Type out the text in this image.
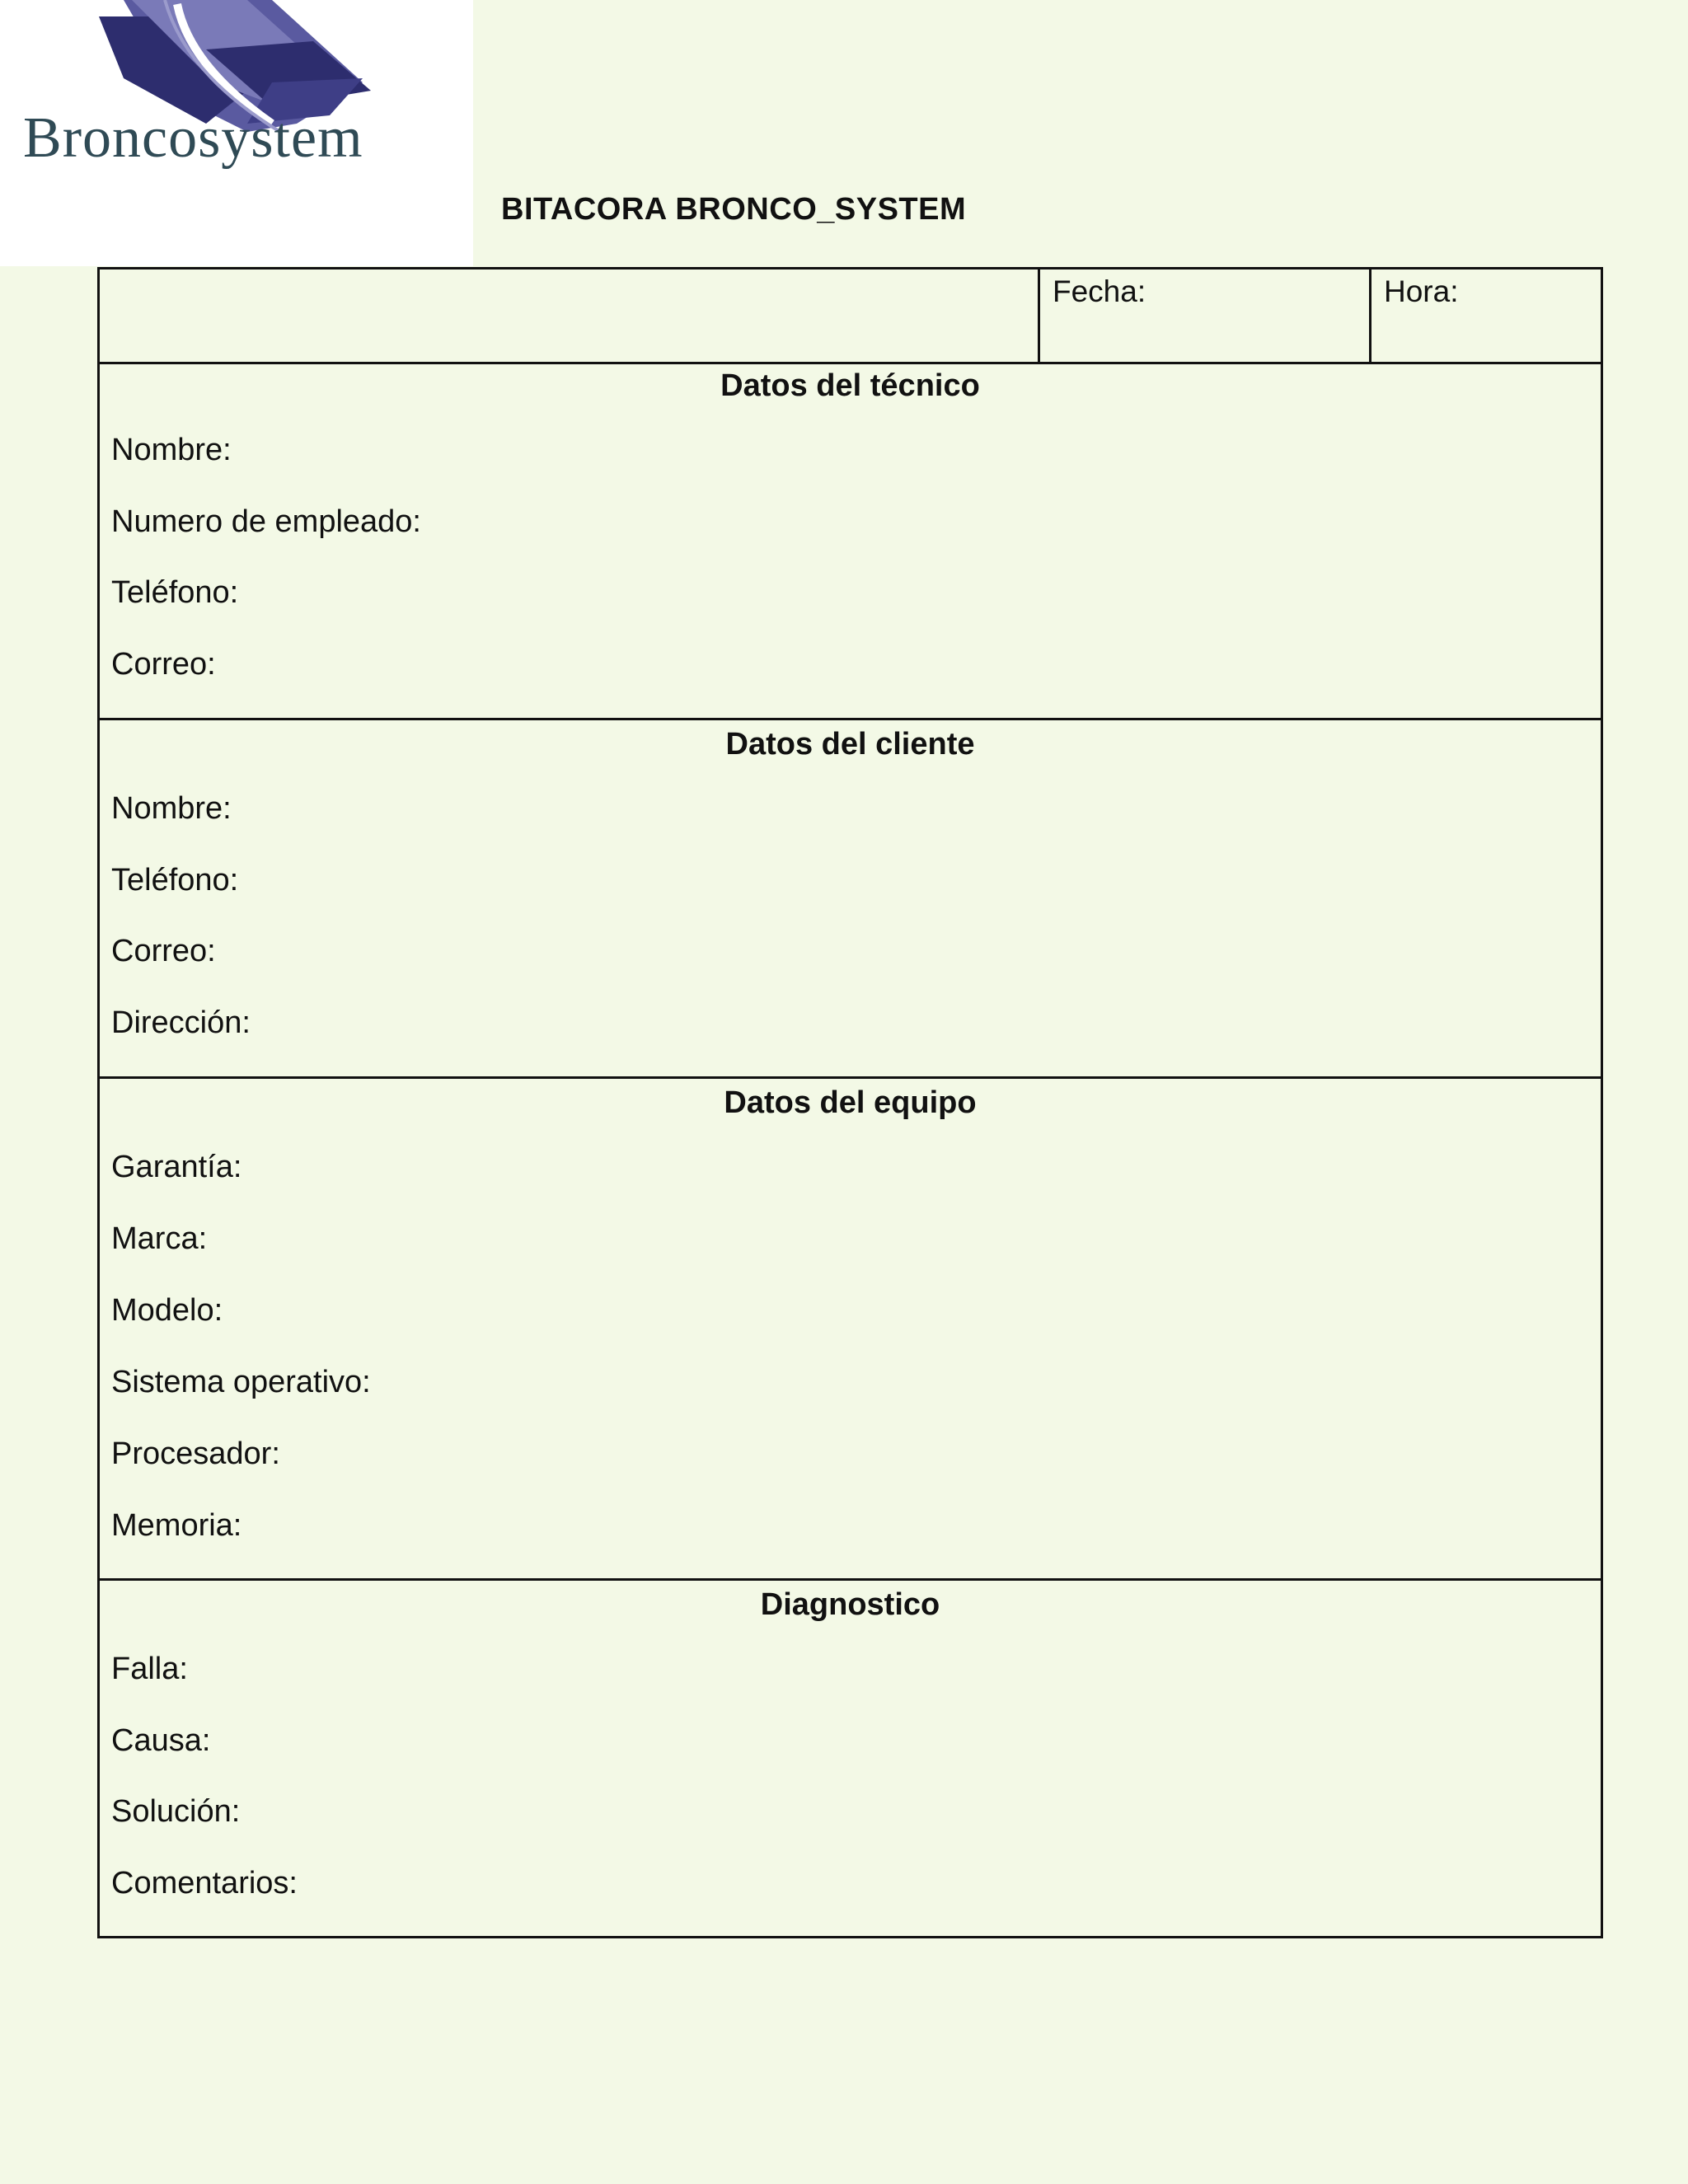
Broncosystem
BITACORA BRONCO_SYSTEM
Fecha:	Hora:
Datos del técnico
Nombre:
Numero de empleado:
Teléfono:
Correo:
Datos del cliente
Nombre:
Teléfono:
Correo:
Dirección:
Datos del equipo
Garantía:
Marca:
Modelo:
Sistema operativo:
Procesador:
Memoria:
Diagnostico
Falla:
Causa:
Solución:
Comentarios:
